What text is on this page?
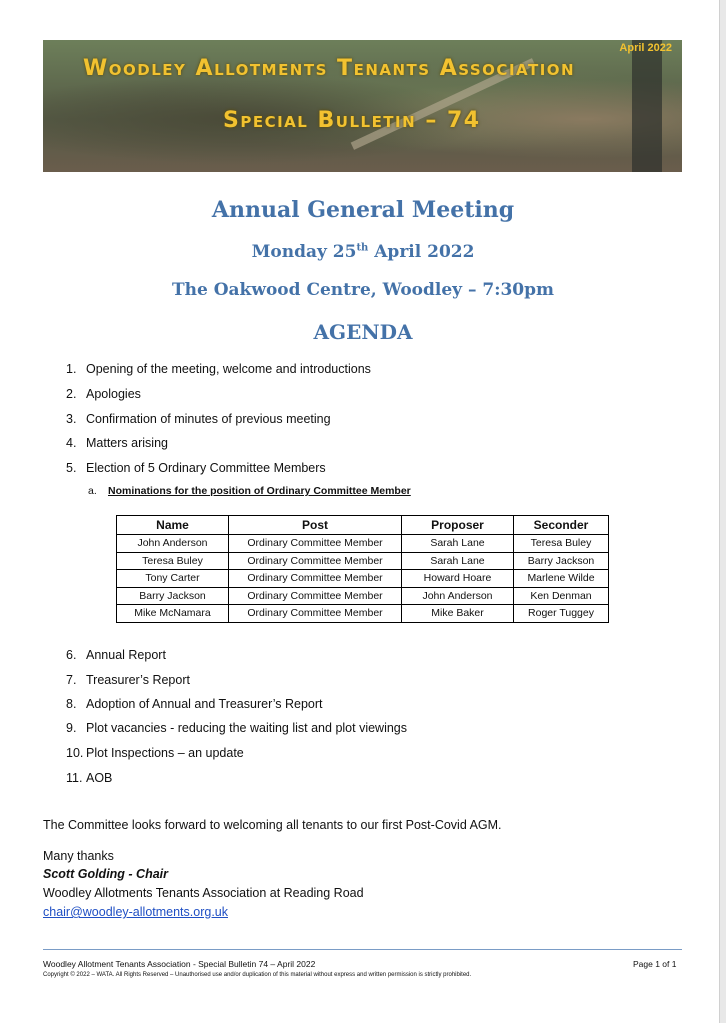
April 2022
Woodley Allotments Tenants Association
Special Bulletin – 74
Annual General Meeting
Monday 25th April 2022
The Oakwood Centre, Woodley – 7:30pm
AGENDA
1. Opening of the meeting, welcome and introductions
2. Apologies
3. Confirmation of minutes of previous meeting
4. Matters arising
5. Election of 5 Ordinary Committee Members
6. Annual Report
7. Treasurer’s Report
8. Adoption of Annual and Treasurer’s Report
9. Plot vacancies - reducing the waiting list and plot viewings
10. Plot Inspections – an update
11. AOB
a. Nominations for the position of Ordinary Committee Member
Name	Post	Proposer	Seconder
John Anderson	Ordinary Committee Member	Sarah Lane	Teresa Buley
Teresa Buley	Ordinary Committee Member	Sarah Lane	Barry Jackson
Tony Carter	Ordinary Committee Member	Howard Hoare	Marlene Wilde
Barry Jackson	Ordinary Committee Member	John Anderson	Ken Denman
Mike McNamara	Ordinary Committee Member	Mike Baker	Roger Tuggey
The Committee looks forward to welcoming all tenants to our first Post-Covid AGM.
Many thanks
Scott Golding - Chair
Woodley Allotments Tenants Association at Reading Road
chair@woodley-allotments.org.uk
Woodley Allotment Tenants Association - Special Bulletin 74 – April 2022	Page 1 of 1
Copyright © 2022 – WATA. All Rights Reserved – Unauthorised use and/or duplication of this material without express and written permission is strictly prohibited.
